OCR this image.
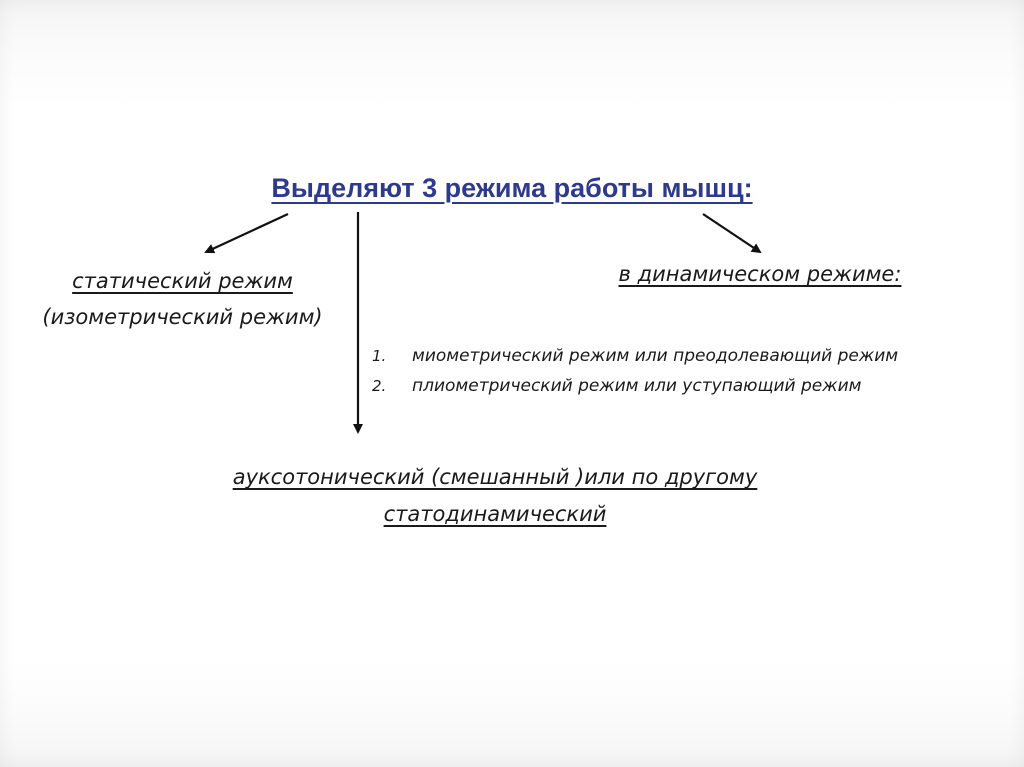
Выделяют 3 режима работы мышц:
статический режим
(изометрический режим)
в динамическом режиме:
1.	миометрический режим или преодолевающий режим
2.	плиометрический режим или уступающий режим
ауксотонический (смешанный )или по другому
статодинамический
